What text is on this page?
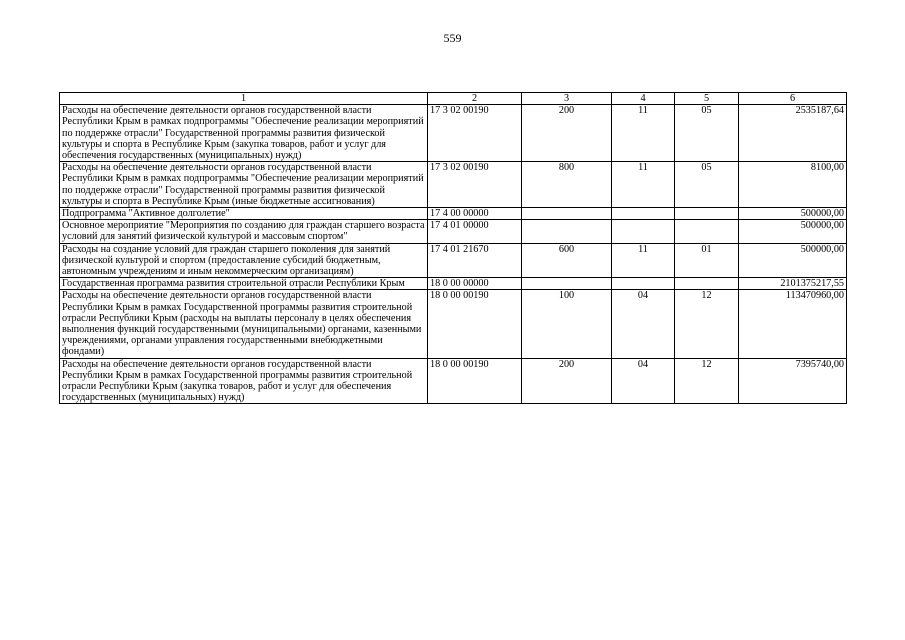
559
1	2	3	4	5	6
Расходы на обеспечение деятельности органов государственной власти Республики Крым в рамках подпрограммы "Обеспечение реализации мероприятий по поддержке отрасли" Государственной программы развития физической культуры и спорта в Республике Крым (закупка товаров, работ и услуг для обеспечения государственных (муниципальных) нужд)	17 3 02 00190	200	11	05	2535187,64
Расходы на обеспечение деятельности органов государственной власти Республики Крым в рамках подпрограммы "Обеспечение реализации мероприятий по поддержке отрасли" Государственной программы развития физической культуры и спорта в Республике Крым (иные бюджетные ассигнования)	17 3 02 00190	800	11	05	8100,00
Подпрограмма "Активное долголетие"	17 4 00 00000				500000,00
Основное мероприятие "Мероприятия по созданию для граждан старшего возраста условий для занятий физической культурой и массовым спортом"	17 4 01 00000				500000,00
Расходы на создание условий для граждан старшего поколения для занятий физической культурой и спортом (предоставление субсидий бюджетным, автономным учреждениям и иным некоммерческим организациям)	17 4 01 21670	600	11	01	500000,00
Государственная программа развития строительной отрасли Республики Крым	18 0 00 00000				2101375217,55
Расходы на обеспечение деятельности органов государственной власти Республики Крым в рамках Государственной программы развития строительной отрасли Республики Крым (расходы на выплаты персоналу в целях обеспечения выполнения функций государственными (муниципальными) органами, казенными учреждениями, органами управления государственными внебюджетными фондами)	18 0 00 00190	100	04	12	113470960,00
Расходы на обеспечение деятельности органов государственной власти Республики Крым в рамках Государственной программы развития строительной отрасли Республики Крым (закупка товаров, работ и услуг для обеспечения государственных (муниципальных) нужд)	18 0 00 00190	200	04	12	7395740,00
